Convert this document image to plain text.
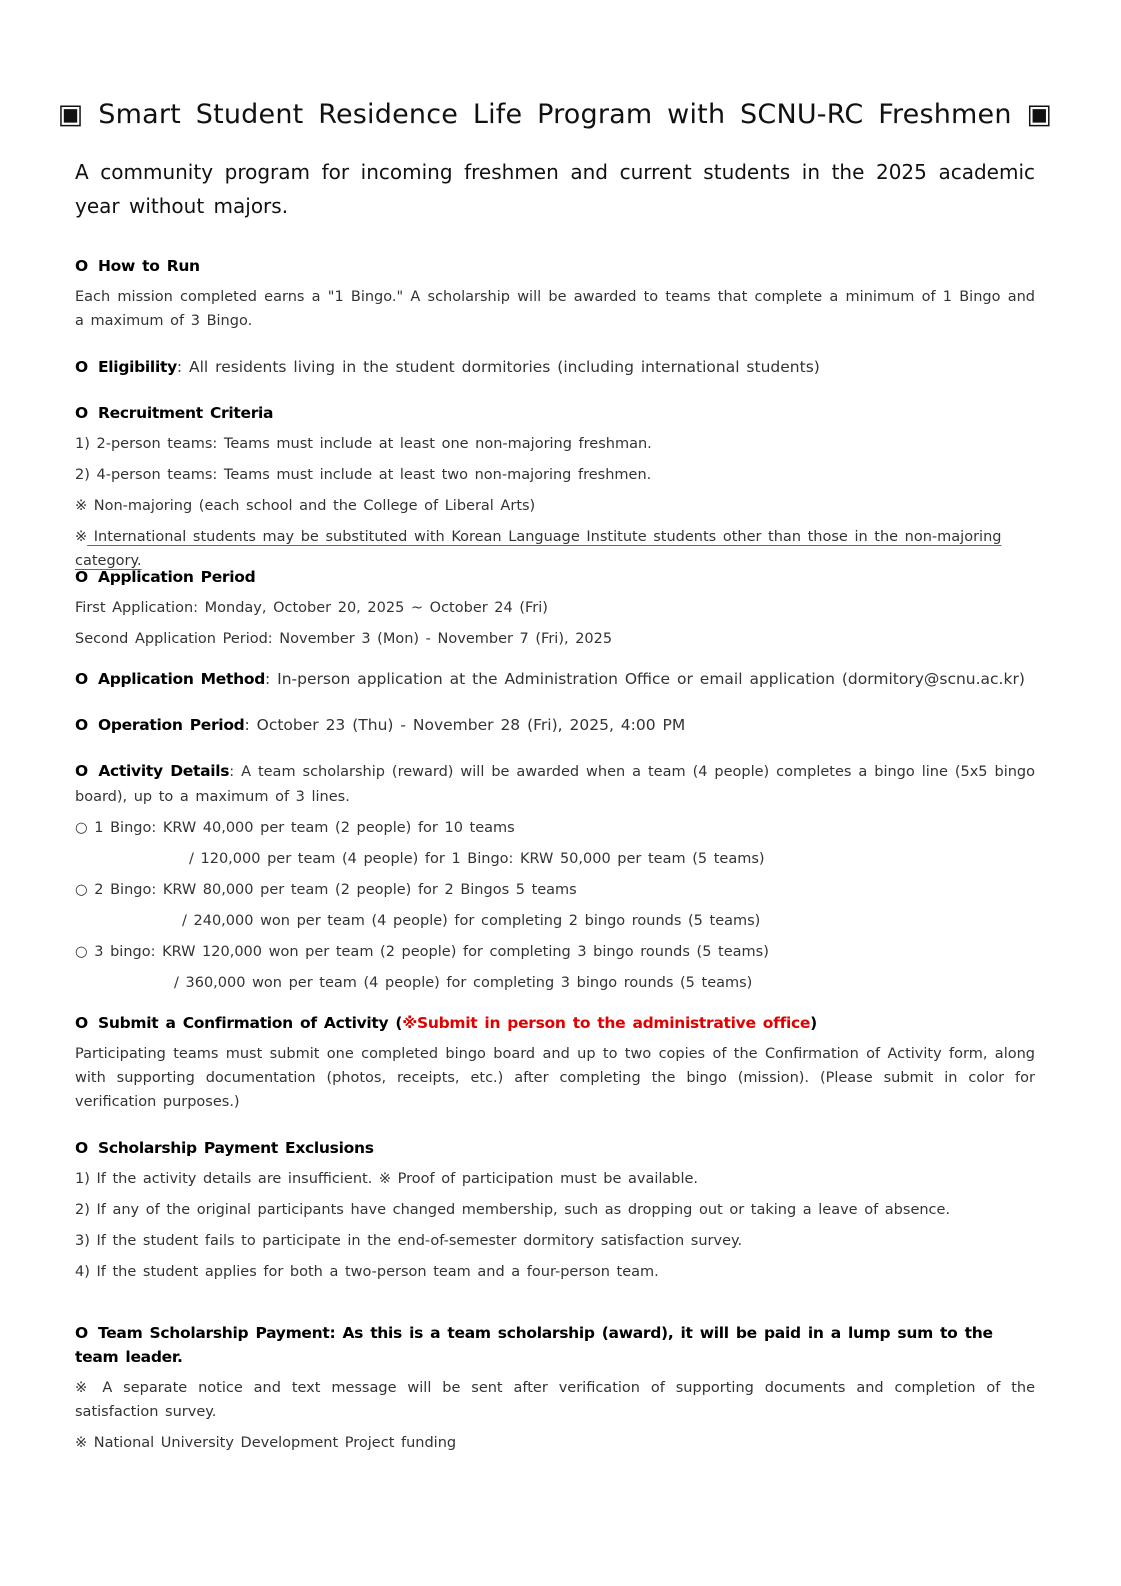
▣ Smart Student Residence Life Program with SCNU-RC Freshmen ▣
A community program for incoming freshmen and current students in the 2025 academic year without majors.
O How to Run
Each mission completed earns a "1 Bingo." A scholarship will be awarded to teams that complete a minimum of 1 Bingo and a maximum of 3 Bingo.
O Eligibility: All residents living in the student dormitories (including international students)
O Recruitment Criteria
1) 2-person teams: Teams must include at least one non-majoring freshman.
2) 4-person teams: Teams must include at least two non-majoring freshmen.
※ Non-majoring (each school and the College of Liberal Arts)
※ International students may be substituted with Korean Language Institute students other than those in the non-majoring category.
O Application Period
First Application: Monday, October 20, 2025 ~ October 24 (Fri)
Second Application Period: November 3 (Mon) - November 7 (Fri), 2025
O Application Method: In-person application at the Administration Office or email application (dormitory@scnu.ac.kr)
O Operation Period: October 23 (Thu) - November 28 (Fri), 2025, 4:00 PM
O Activity Details: A team scholarship (reward) will be awarded when a team (4 people) completes a bingo line (5x5 bingo board), up to a maximum of 3 lines.
○ 1 Bingo: KRW 40,000 per team (2 people) for 10 teams
/ 120,000 per team (4 people) for 1 Bingo: KRW 50,000 per team (5 teams)
○ 2 Bingo: KRW 80,000 per team (2 people) for 2 Bingos 5 teams
/ 240,000 won per team (4 people) for completing 2 bingo rounds (5 teams)
○ 3 bingo: KRW 120,000 won per team (2 people) for completing 3 bingo rounds (5 teams)
/ 360,000 won per team (4 people) for completing 3 bingo rounds (5 teams)
O Submit a Confirmation of Activity (※Submit in person to the administrative office)
Participating teams must submit one completed bingo board and up to two copies of the Confirmation of Activity form, along with supporting documentation (photos, receipts, etc.) after completing the bingo (mission). (Please submit in color for verification purposes.)
O Scholarship Payment Exclusions
1) If the activity details are insufficient. ※ Proof of participation must be available.
2) If any of the original participants have changed membership, such as dropping out or taking a leave of absence.
3) If the student fails to participate in the end-of-semester dormitory satisfaction survey.
4) If the student applies for both a two-person team and a four-person team.
O Team Scholarship Payment: As this is a team scholarship (award), it will be paid in a lump sum to the team leader.
※ A separate notice and text message will be sent after verification of supporting documents and completion of the satisfaction survey.
※ National University Development Project funding
